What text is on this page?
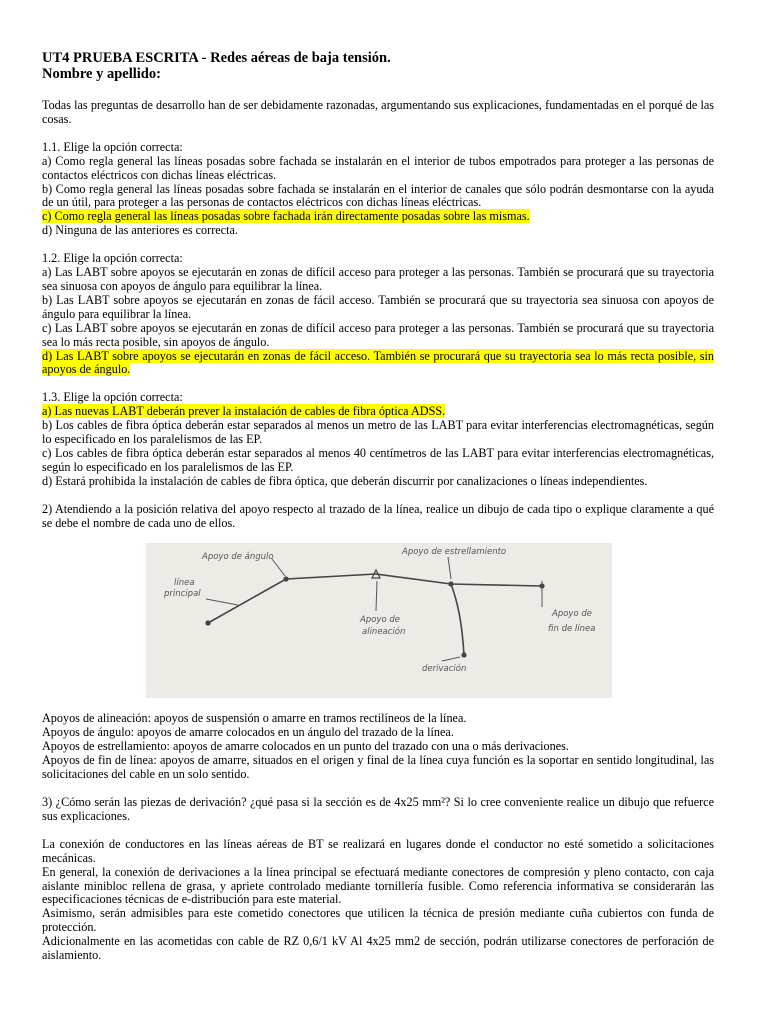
UT4 PRUEBA ESCRITA - Redes aéreas de baja tensión.
Nombre y apellido:

Todas las preguntas de desarrollo han de ser debidamente razonadas, argumentando sus explicaciones, fundamentadas en el porqué de las cosas.

1.1. Elige la opción correcta:

a) Como regla general las líneas posadas sobre fachada se instalarán en el interior de tubos empotrados para proteger a las personas de contactos eléctricos con dichas líneas eléctricas.

b) Como regla general las líneas posadas sobre fachada se instalarán en el interior de canales que sólo podrán desmontarse con la ayuda de un útil, para proteger a las personas de contactos eléctricos con dichas líneas eléctricas.

c) Como regla general las líneas posadas sobre fachada irán directamente posadas sobre las mismas.

d) Ninguna de las anteriores es correcta.

1.2. Elige la opción correcta:

a) Las LABT sobre apoyos se ejecutarán en zonas de difícil acceso para proteger a las personas. También se procurará que su trayectoria sea sinuosa con apoyos de ángulo para equilibrar la línea.

b) Las LABT sobre apoyos se ejecutarán en zonas de fácil acceso. También se procurará que su trayectoria sea sinuosa con apoyos de ángulo para equilibrar la línea.

c) Las LABT sobre apoyos se ejecutarán en zonas de difícil acceso para proteger a las personas. También se procurará que su trayectoria sea lo más recta posible, sin apoyos de ángulo.

d) Las LABT sobre apoyos se ejecutarán en zonas de fácil acceso. También se procurará que su trayectoria sea lo más recta posible, sin apoyos de ángulo.

1.3. Elige la opción correcta:

a) Las nuevas LABT deberán prever la instalación de cables de fibra óptica ADSS.

b) Los cables de fibra óptica deberán estar separados al menos un metro de las LABT para evitar interferencias electromagnéticas, según lo especificado en los paralelismos de las EP.

c) Los cables de fibra óptica deberán estar separados al menos 40 centímetros de las LABT para evitar interferencias electromagnéticas, según lo especificado en los paralelismos de las EP.

d) Estará prohibida la instalación de cables de fibra óptica, que deberán discurrir por canalizaciones o líneas independientes.

2) Atendiendo a la posición relativa del apoyo respecto al trazado de la línea, realice un dibujo de cada tipo o explique claramente a qué se debe el nombre de cada uno de ellos.

Apoyo de ángulo	Apoyo de estrellamiento
línea
principal
Apoyo de
alineación
Apoyo de
fin de línea
derivación

Apoyos de alineación: apoyos de suspensión o amarre en tramos rectilíneos de la línea.

Apoyos de ángulo: apoyos de amarre colocados en un ángulo del trazado de la línea.

Apoyos de estrellamiento: apoyos de amarre colocados en un punto del trazado con una o más derivaciones.

Apoyos de fin de línea: apoyos de amarre, situados en el origen y final de la línea cuya función es la soportar en sentido longitudinal, las solicitaciones del cable en un solo sentido.

3) ¿Cómo serán las piezas de derivación? ¿qué pasa si la sección es de 4x25 mm²? Si lo cree conveniente realice un dibujo que refuerce sus explicaciones.

La conexión de conductores en las líneas aéreas de BT se realizará en lugares donde el conductor no esté sometido a solicitaciones mecánicas.

En general, la conexión de derivaciones a la línea principal se efectuará mediante conectores de compresión y pleno contacto, con caja aislante minibloc rellena de grasa, y apriete controlado mediante tornillería fusible. Como referencia informativa se considerarán las especificaciones técnicas de e-distribución para este material.

Asimismo, serán admisibles para este cometido conectores que utilicen la técnica de presión mediante cuña cubiertos con funda de protección.

Adicionalmente en las acometidas con cable de RZ 0,6/1 kV Al 4x25 mm2 de sección, podrán utilizarse conectores de perforación de aislamiento.
